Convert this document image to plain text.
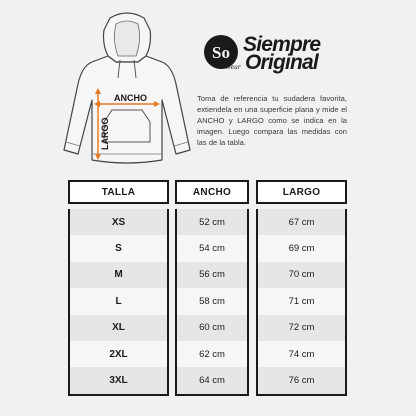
ANCHO
LARGO
So Siempre
Original
Wear
Toma de referencia tu sudadera favorita, extiendela en una superficie plana y mide el ANCHO y LARGO como se indica en la imagen. Luego compara las medidas con las de la tabla.
TALLA
XS
S
M
L
XL
2XL
3XL
ANCHO
52 cm
54 cm
56 cm
58 cm
60 cm
62 cm
64 cm
LARGO
67 cm
69 cm
70 cm
71 cm
72 cm
74 cm
76 cm
